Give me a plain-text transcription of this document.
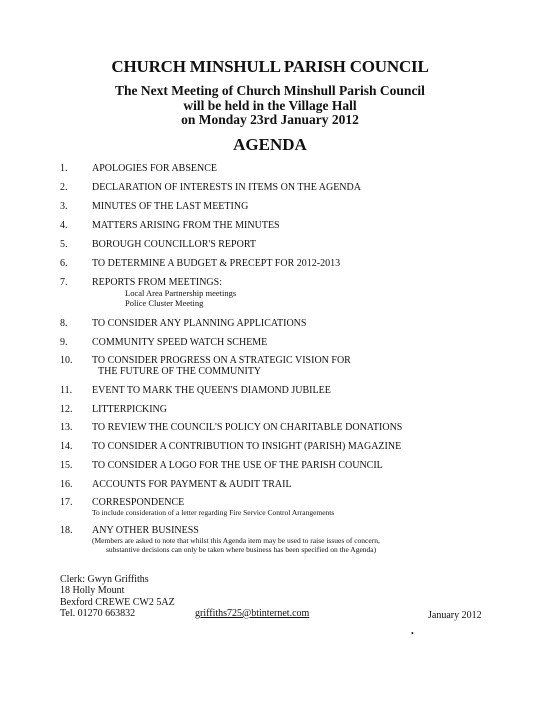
CHURCH MINSHULL PARISH COUNCIL
The Next Meeting of Church Minshull Parish Council
will be held in the Village Hall
on Monday 23rd January 2012
AGENDA
1.	APOLOGIES FOR ABSENCE
2.	DECLARATION OF INTERESTS IN ITEMS ON THE AGENDA
3.	MINUTES OF THE LAST MEETING
4.	MATTERS ARISING FROM THE MINUTES
5.	BOROUGH COUNCILLOR'S REPORT
6.	TO DETERMINE A BUDGET & PRECEPT FOR 2012-2013
7.	REPORTS FROM MEETINGS:
Local Area Partnership meetings
Police Cluster Meeting
8.	TO CONSIDER ANY PLANNING APPLICATIONS
9.	COMMUNITY SPEED WATCH SCHEME
10.	TO CONSIDER PROGRESS ON A STRATEGIC VISION FOR
THE FUTURE OF THE COMMUNITY
11.	EVENT TO MARK THE QUEEN'S DIAMOND JUBILEE
12.	LITTERPICKING
13.	TO REVIEW THE COUNCIL'S POLICY ON CHARITABLE DONATIONS
14.	TO CONSIDER A CONTRIBUTION TO INSIGHT (PARISH) MAGAZINE
15.	TO CONSIDER A LOGO FOR THE USE OF THE PARISH COUNCIL
16.	ACCOUNTS FOR PAYMENT & AUDIT TRAIL
17.	CORRESPONDENCE
To include consideration of a letter regarding Fire Service Control Arrangements
18.	ANY OTHER BUSINESS
(Members are asked to note that whilst this Agenda item may be used to raise issues of concern,
substantive decisions can only be taken where business has been specified on the Agenda)
Clerk: Gwyn Griffiths
18 Holly Mount
Bexford CREWE CW2 5AZ
Tel. 01270 663832	griffiths725@btinternet.com	January 2012
•
